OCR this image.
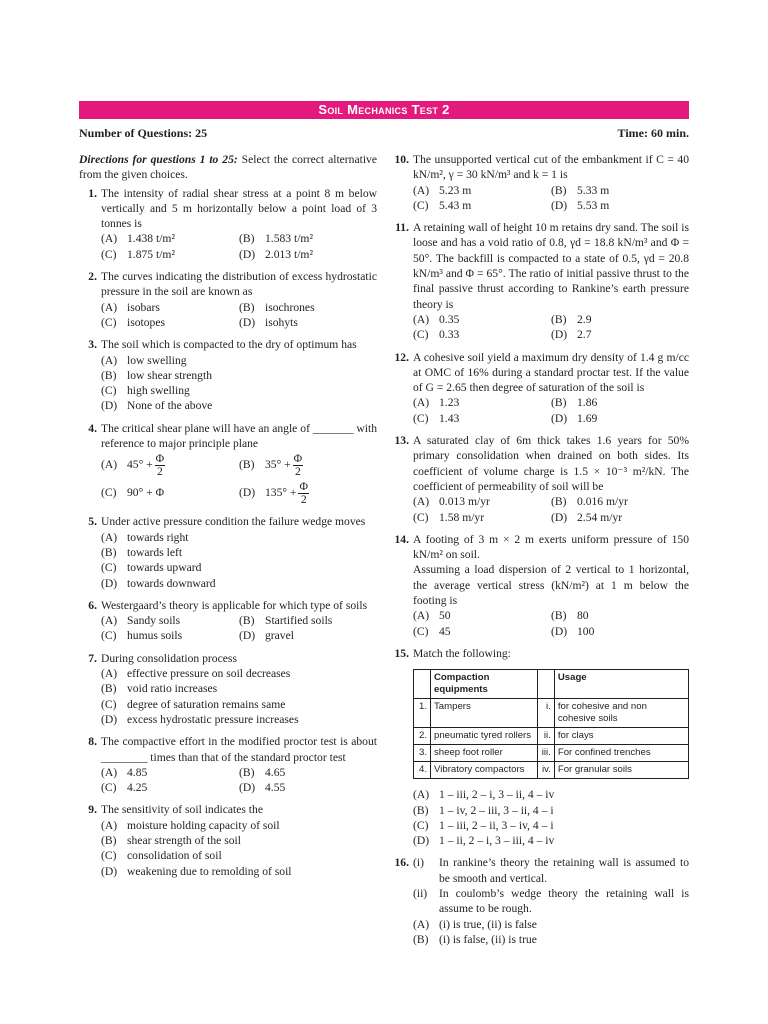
Soil Mechanics Test 2
Number of Questions: 25	Time: 60 min.
Directions for questions 1 to 25: Select the correct alternative from the given choices.
1. The intensity of radial shear stress at a point 8 m below vertically and 5 m horizontally below a point load of 3 tonnes is
(A) 1.438 t/m²	(B) 1.583 t/m²
(C) 1.875 t/m²	(D) 2.013 t/m²
2. The curves indicating the distribution of excess hydrostatic pressure in the soil are known as
(A) isobars	(B) isochrones
(C) isotopes	(D) isohyts
3. The soil which is compacted to the dry of optimum has
(A) low swelling
(B) low shear strength
(C) high swelling
(D) None of the above
4. The critical shear plane will have an angle of _______ with reference to major principle plane
(A) $45^\circ + \frac{\Phi}{2}$	(B) $35^\circ + \frac{\Phi}{2}$
(C) 90° + Φ	(D) $135^\circ + \frac{\Phi}{2}$
5. Under active pressure condition the failure wedge moves
(A) towards right
(B) towards left
(C) towards upward
(D) towards downward
6. Westergaard’s theory is applicable for which type of soils
(A) Sandy soils	(B) Startified soils
(C) humus soils	(D) gravel
7. During consolidation process
(A) effective pressure on soil decreases
(B) void ratio increases
(C) degree of saturation remains same
(D) excess hydrostatic pressure increases
8. The compactive effort in the modified proctor test is about ________ times than that of the standard proctor test
(A) 4.85	(B) 4.65
(C) 4.25	(D) 4.55
9. The sensitivity of soil indicates the
(A) moisture holding capacity of soil
(B) shear strength of the soil
(C) consolidation of soil
(D) weakening due to remolding of soil
10. The unsupported vertical cut of the embankment if C = 40 kN/m², γ = 30 kN/m³ and k = 1 is
(A) 5.23 m	(B) 5.33 m
(C) 5.43 m	(D) 5.53 m
11. A retaining wall of height 10 m retains dry sand. The soil is loose and has a void ratio of 0.8, γd = 18.8 kN/m³ and Φ = 50°. The backfill is compacted to a state of 0.5, γd = 20.8 kN/m³ and Φ = 65°. The ratio of initial passive thrust to the final passive thrust according to Rankine’s earth pressure theory is
(A) 0.35	(B) 2.9
(C) 0.33	(D) 2.7
12. A cohesive soil yield a maximum dry density of 1.4 g m/cc at OMC of 16% during a standard proctar test. If the value of G = 2.65 then degree of saturation of the soil is
(A) 1.23	(B) 1.86
(C) 1.43	(D) 1.69
13. A saturated clay of 6m thick takes 1.6 years for 50% primary consolidation when drained on both sides. Its coefficient of volume charge is 1.5 × 10⁻³ m²/kN. The coefficient of permeability of soil will be
(A) 0.013 m/yr	(B) 0.016 m/yr
(C) 1.58 m/yr	(D) 2.54 m/yr
14. A footing of 3 m × 2 m exerts uniform pressure of 150 kN/m² on soil.
Assuming a load dispersion of 2 vertical to 1 horizontal, the average vertical stress (kN/m²) at 1 m below the footing is
(A) 50	(B) 80
(C) 45	(D) 100
15. Match the following:
	Compaction equipments		Usage
1.	Tampers	i.	for cohesive and non cohesive soils
2.	pneumatic tyred rollers	ii.	for clays
3.	sheep foot roller	iii.	For confined trenches
4.	Vibratory compactors	iv.	For granular soils
(A) 1 – iii, 2 – i, 3 – ii, 4 – iv
(B) 1 – iv, 2 – iii, 3 – ii, 4 – i
(C) 1 – iii, 2 – ii, 3 – iv, 4 – i
(D) 1 – ii, 2 – i, 3 – iii, 4 – iv
16. (i) In rankine’s theory the retaining wall is assumed to be smooth and vertical.
(ii) In coulomb’s wedge theory the retaining wall is assume to be rough.
(A) (i) is true, (ii) is false
(B) (i) is false, (ii) is true
